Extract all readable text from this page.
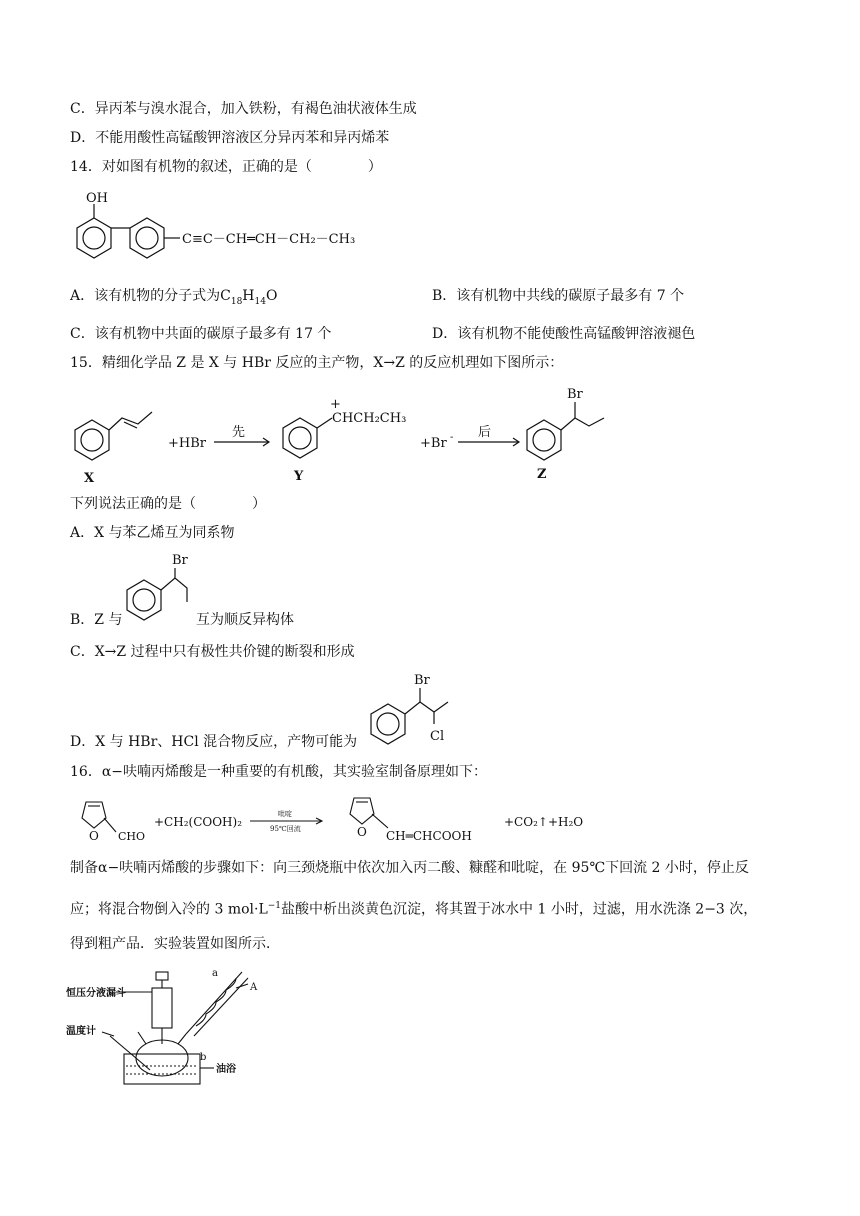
C．异丙苯与溴水混合，加入铁粉，有褐色油状液体生成
D．不能用酸性高锰酸钾溶液区分异丙苯和异丙烯苯
14．对如图有机物的叙述，正确的是（　　　　）
OH
C≡C－CH═CH－CH₂－CH₃
A．该有机物的分子式为$C_{18}H_{14}O$	B．该有机物中共线的碳原子最多有 7 个
C．该有机物中共面的碳原子最多有 17 个	D．该有机物不能使酸性高锰酸钾溶液褪色
15．精细化学品 Z 是 X 与 HBr 反应的主产物，X→Z 的反应机理如下图所示：
X
+HBr
先
+
CHCH₂CH₃
Y
+Br - 后
Br
Z
下列说法正确的是（　　　　）
A．X 与苯乙烯互为同系物
B．Z 与
Br
互为顺反异构体
C．X→Z 过程中只有极性共价键的断裂和形成
D．X 与 HBr、HCl 混合物反应，产物可能为
Br
Cl
16．α−呋喃丙烯酸是一种重要的有机酸，其实验室制备原理如下：
O CHO
+CH₂(COOH)₂
吡啶
95℃回流	O CH═CHCOOH
+CO₂↑+H₂O
制备α−呋喃丙烯酸的步骤如下：向三颈烧瓶中依次加入丙二酸、糠醛和吡啶，在 95℃下回流 2 小时，停止反
应；将混合物倒入冷的 3 $mol\cdot L^{-1}$盐酸中析出淡黄色沉淀，将其置于冰水中 1 小时，过滤，用水洗涤 2−3 次，
得到粗产品．实验装置如图所示．
恒压分液漏斗
温度计
a
b
A
油浴
